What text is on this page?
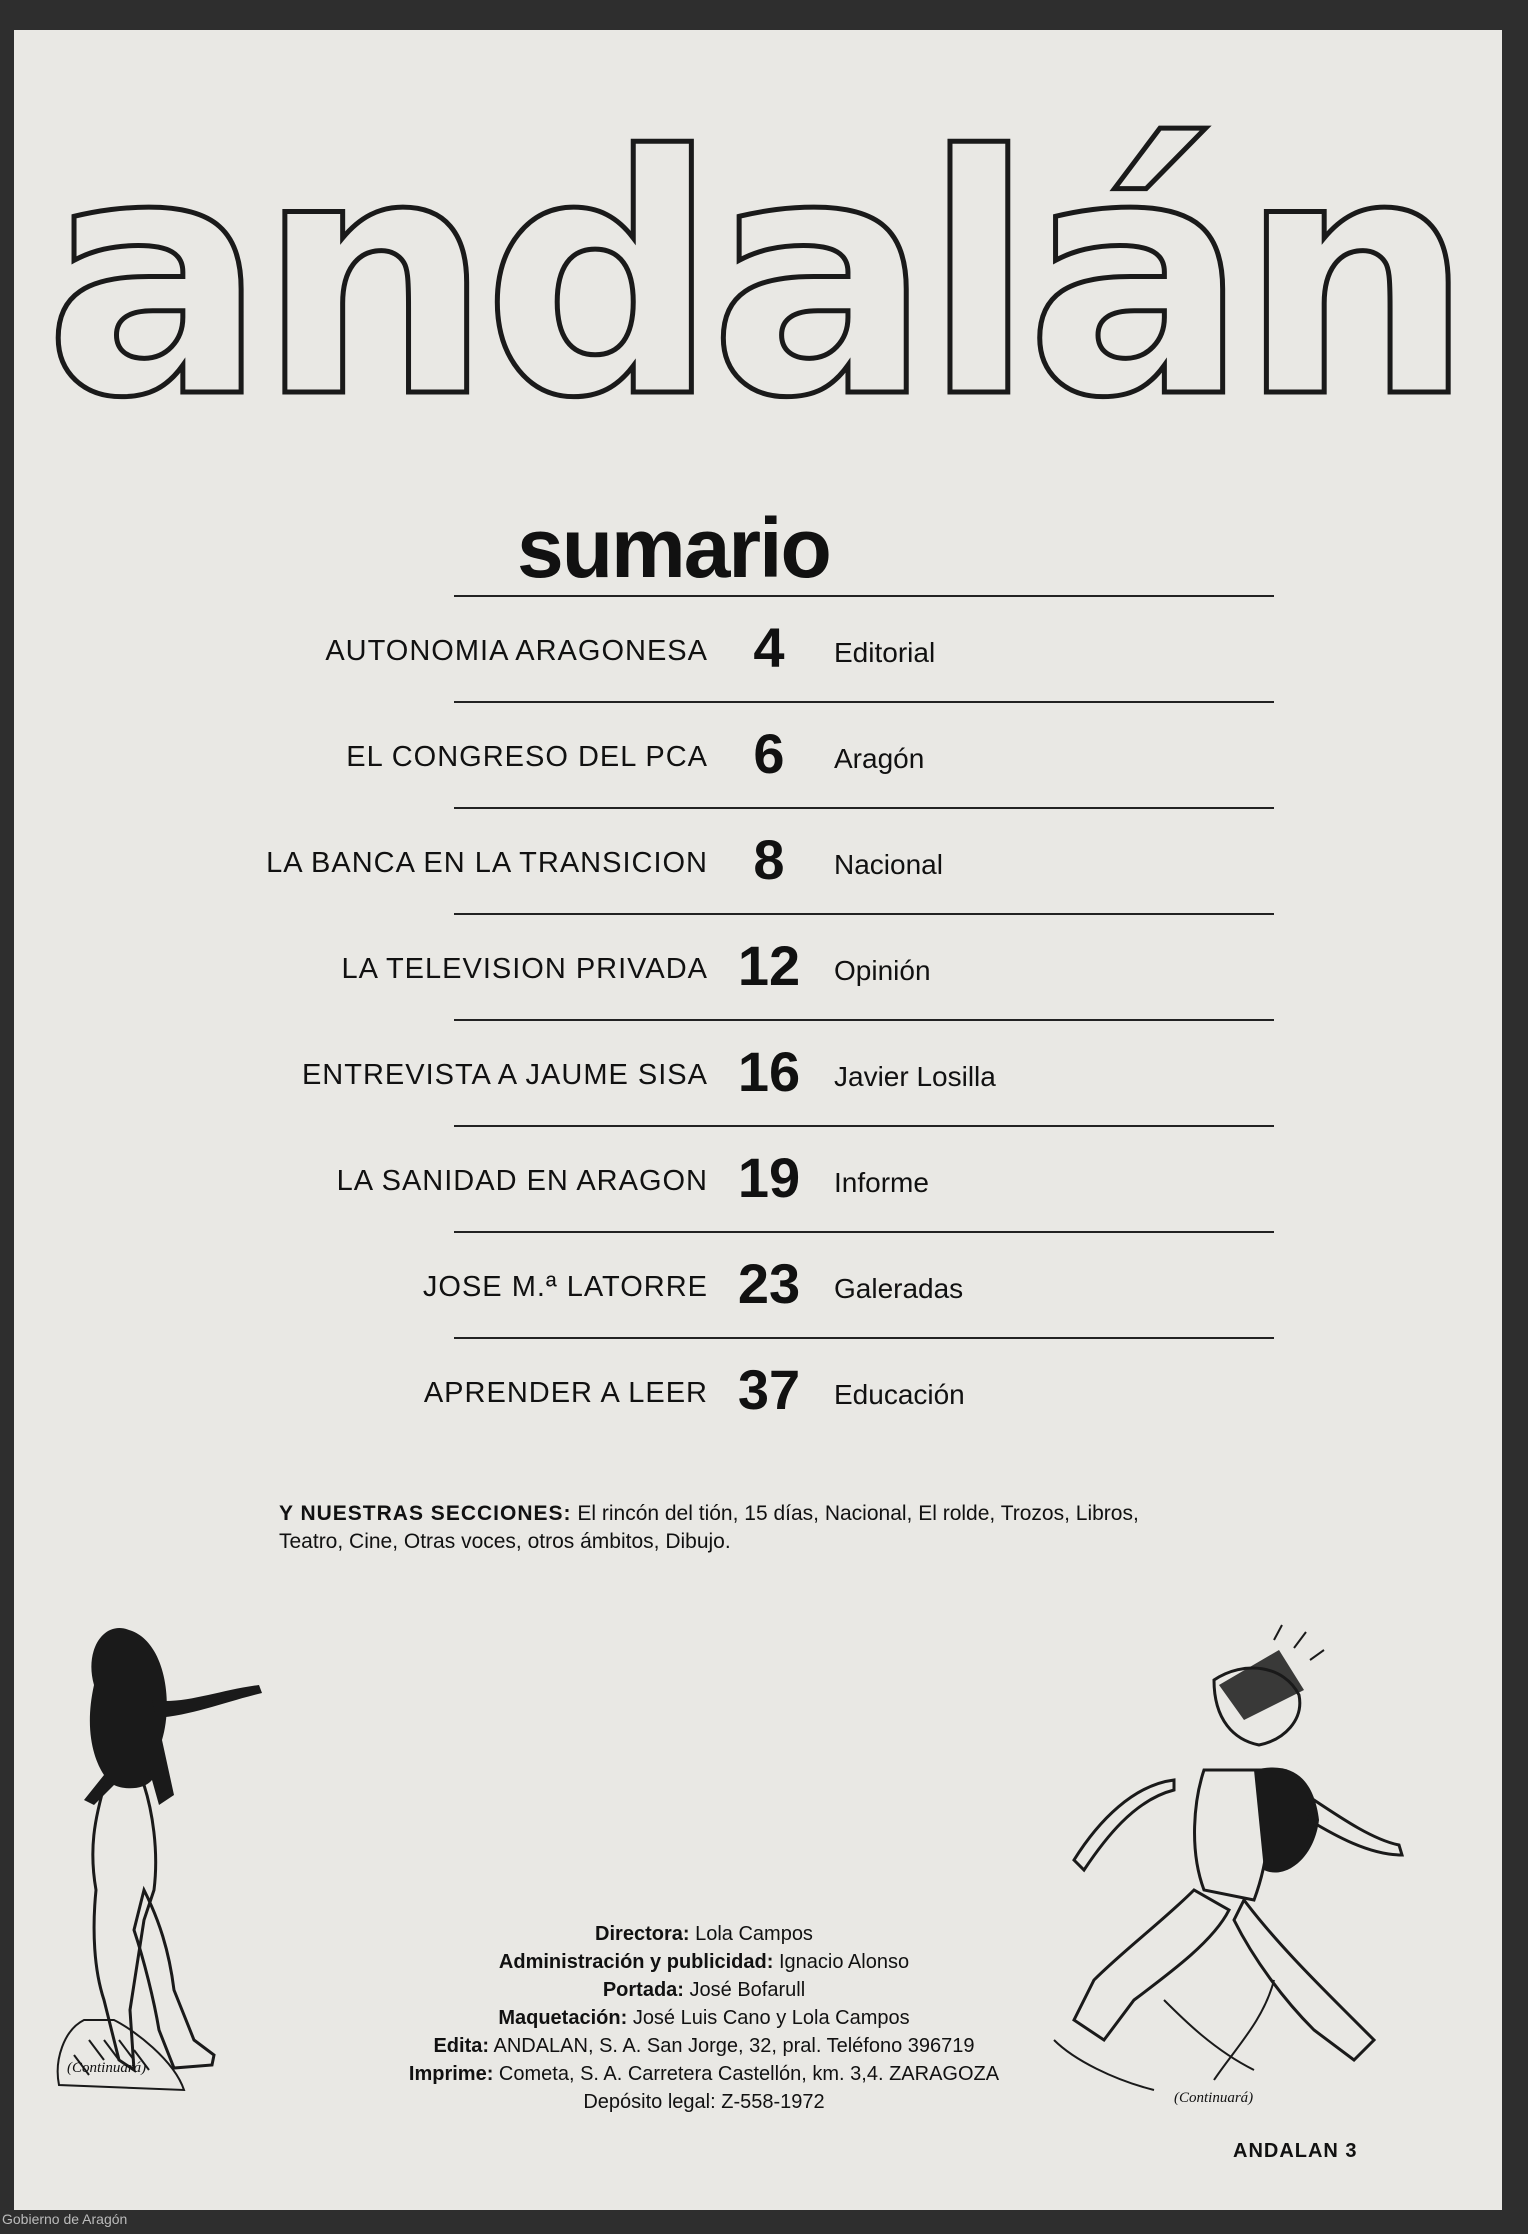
andalán
sumario
AUTONOMIA ARAGONESA 4	Editorial
EL CONGRESO DEL PCA 6	Aragón
LA BANCA EN LA TRANSICION 8	Nacional
LA TELEVISION PRIVADA 12	Opinión
ENTREVISTA A JAUME SISA 16	Javier Losilla
LA SANIDAD EN ARAGON 19	Informe
JOSE M.ª LATORRE 23	Galeradas
APRENDER A LEER 37	Educación
Y NUESTRAS SECCIONES: El rincón del tión, 15 días, Nacional, El rolde, Trozos, Libros, Teatro, Cine, Otras voces, otros ámbitos, Dibujo.
(Continuará)
(Continuará)
Directora: Lola Campos
Administración y publicidad: Ignacio Alonso
Portada: José Bofarull
Maquetación: José Luis Cano y Lola Campos
Edita: ANDALAN, S. A. San Jorge, 32, pral. Teléfono 396719
Imprime: Cometa, S. A. Carretera Castellón, km. 3,4. ZARAGOZA
Depósito legal: Z-558-1972
ANDALAN 3
Gobierno de Aragón
